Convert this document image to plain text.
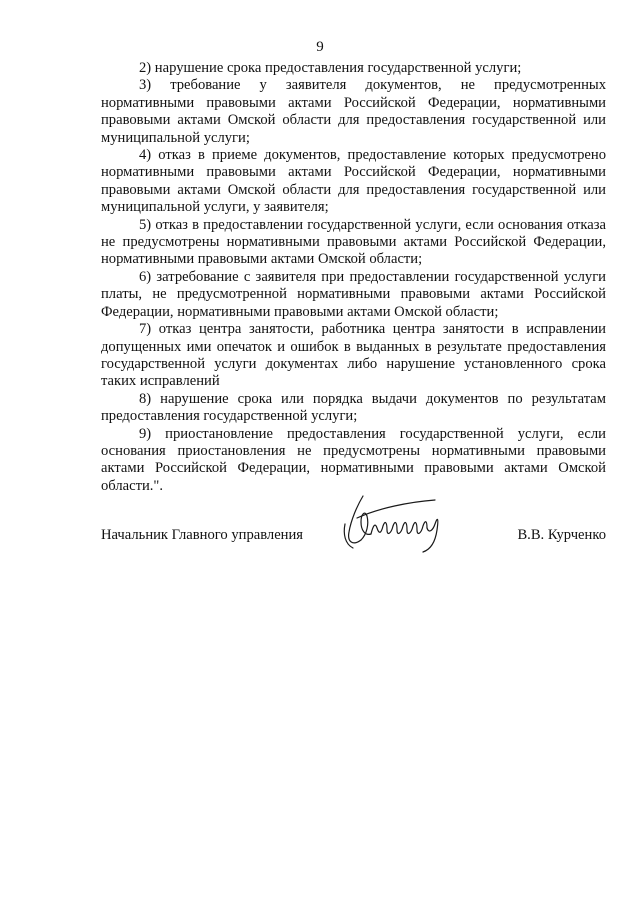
9

2) нарушение срока предоставления государственной услуги;

3) требование у заявителя документов, не предусмотренных нормативными правовыми актами Российской Федерации, нормативными правовыми актами Омской области для предоставления государственной или муниципальной услуги;

4) отказ в приеме документов, предоставление которых предусмотрено нормативными правовыми актами Российской Федерации, нормативными правовыми актами Омской области для предоставления государственной или муниципальной услуги, у заявителя;

5) отказ в предоставлении государственной услуги, если основания отказа не предусмотрены нормативными правовыми актами Российской Федерации, нормативными правовыми актами Омской области;

6) затребование с заявителя при предоставлении государственной услуги платы, не предусмотренной нормативными правовыми актами Российской Федерации, нормативными правовыми актами Омской области;

7) отказ центра занятости, работника центра занятости в исправлении допущенных ими опечаток и ошибок в выданных в результате предоставления государственной услуги документах либо нарушение установленного срока таких исправлений

8) нарушение срока или порядка выдачи документов по результатам предоставления государственной услуги;

9) приостановление предоставления государственной услуги, если основания приостановления не предусмотрены нормативными правовыми актами Российской Федерации, нормативными правовыми актами Омской области.".

Начальник Главного управления	В.В. Курченко
